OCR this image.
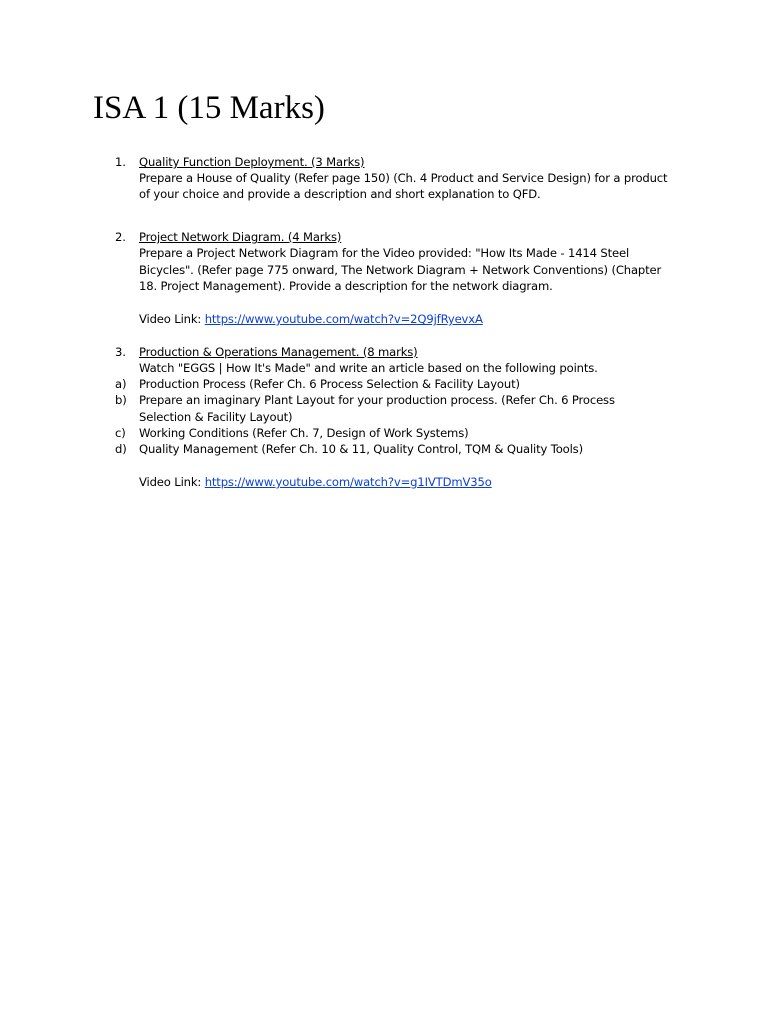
ISA 1 (15 Marks)
1. Quality Function Deployment. (3 Marks)
Prepare a House of Quality (Refer page 150) (Ch. 4 Product and Service Design) for a product
of your choice and provide a description and short explanation to QFD.
2. Project Network Diagram. (4 Marks)
Prepare a Project Network Diagram for the Video provided: "How Its Made - 1414 Steel
Bicycles". (Refer page 775 onward, The Network Diagram + Network Conventions) (Chapter
18. Project Management). Provide a description for the network diagram.
Video Link: https://www.youtube.com/watch?v=2Q9jfRyevxA
3. Production & Operations Management. (8 marks)
Watch "EGGS | How It's Made" and write an article based on the following points.
a) Production Process (Refer Ch. 6 Process Selection & Facility Layout)
b) Prepare an imaginary Plant Layout for your production process. (Refer Ch. 6 Process
Selection & Facility Layout)
c) Working Conditions (Refer Ch. 7, Design of Work Systems)
d) Quality Management (Refer Ch. 10 & 11, Quality Control, TQM & Quality Tools)
Video Link: https://www.youtube.com/watch?v=g1IVTDmV35o
